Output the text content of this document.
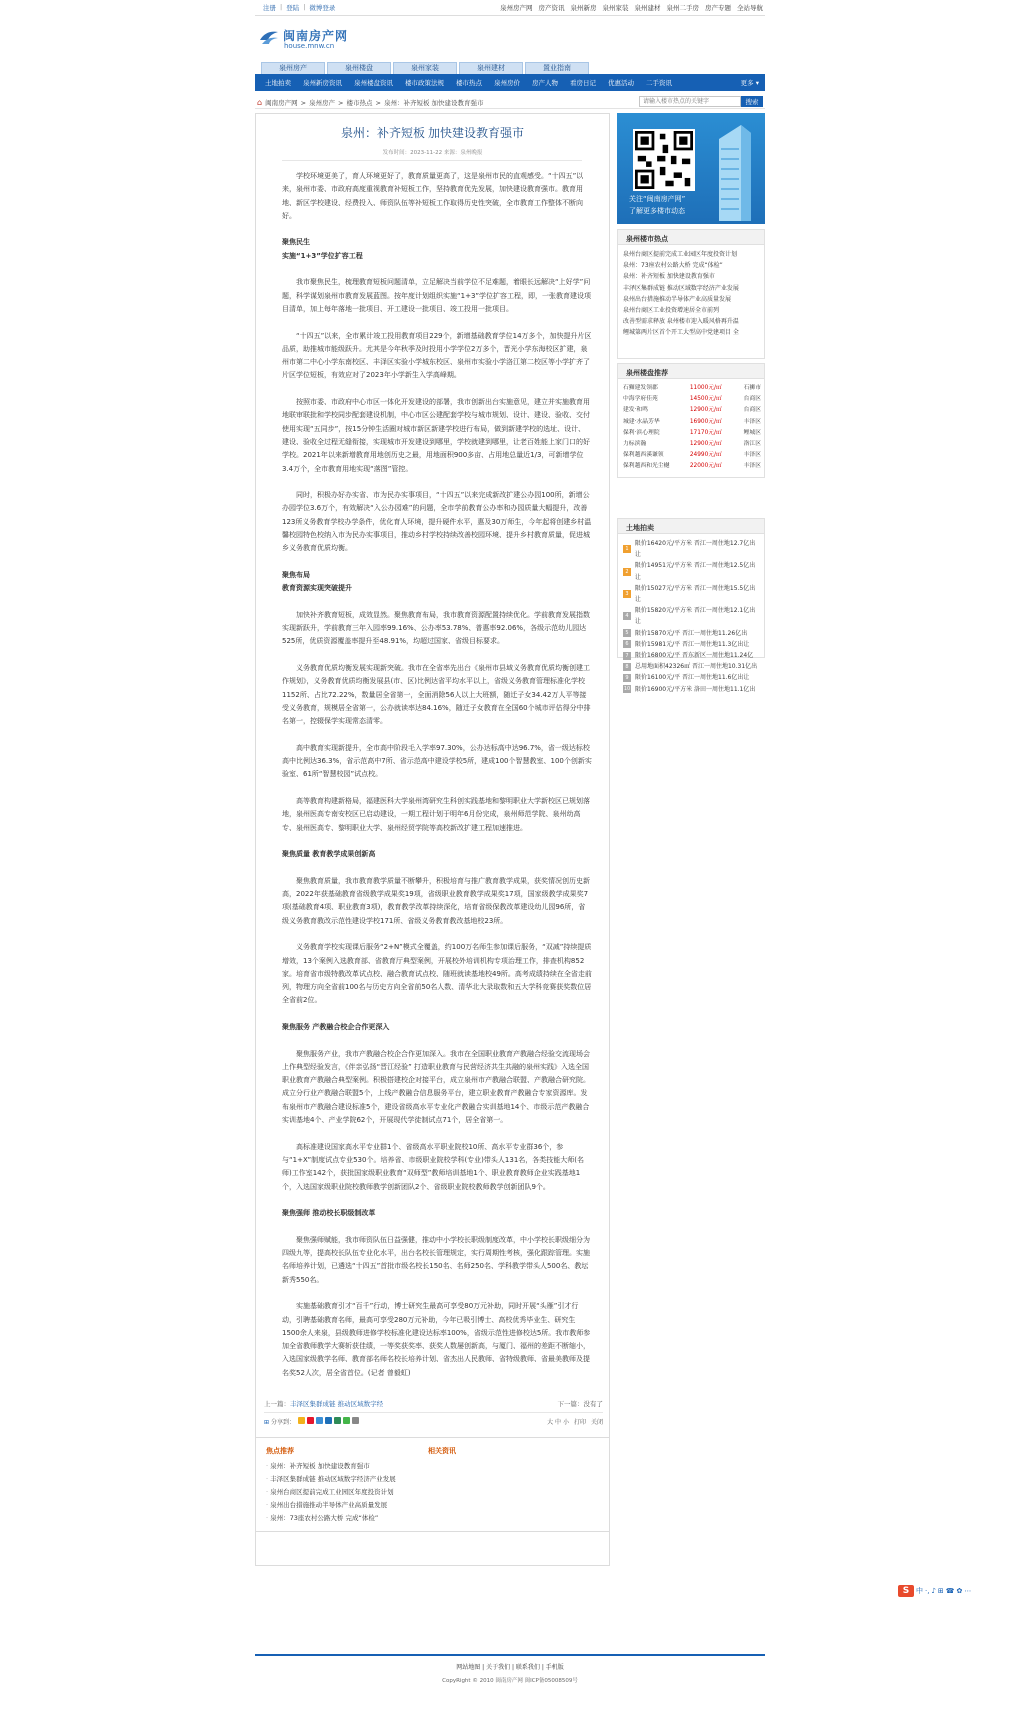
注册 | 登陆 | 微博登录	泉州房产网 房产资讯 泉州新房 泉州家装 泉州建材 泉州二手房 房产专题 全站导航
闽南房产网
house.mnw.cn
泉州房产	泉州楼盘	泉州家装	泉州建材	置业指南
土地拍卖	泉州新房资讯	泉州楼盘资讯	楼市政策法规	楼市热点	泉州房价	房产人物	看房日记	优惠活动	二手资讯	更多 ▾
⌂ 闽南房产网 > 泉州房产 > 楼市热点 > 泉州：补齐短板 加快建设教育强市
请输入楼市热点的关键字	搜索
泉州：补齐短板 加快建设教育强市
发布时间：2023-11-22 来源：泉州晚报

学校环境更美了，育人环境更好了，教育质量更高了，这是泉州市民的直观感受。“十四五”以来，泉州市委、市政府高度重视教育补短板工作，坚持教育优先发展，加快建设教育强市。教育用地、新区学校建设、经费投入、师资队伍等补短板工作取得历史性突破，全市教育工作整体不断向好。

聚焦民生

实施“1+3”学位扩容工程

我市聚焦民生，梳理教育短板问题清单，立足解决当前学位不足难题，着眼长远解决“上好学”问题，科学谋划泉州市教育发展蓝图。按年度计划组织实施“1+3”学位扩容工程，即，一张教育建设项目清单，加上每年落地一批项目、开工建设一批项目、竣工投用一批项目。

“十四五”以来，全市累计竣工投用教育项目229个，新增基础教育学位14万多个，加快提升片区品质，助推城市能级跃升。尤其是今年秋季及时投用小学学位2万多个，晋光小学东海校区扩建，泉州市第二中心小学东南校区、丰泽区实验小学城东校区、泉州市实验小学洛江第二校区等小学扩齐了片区学位短板，有效应对了2023年小学新生入学高峰期。

按照市委、市政府中心市区一体化开发建设的部署，我市创新出台实施意见，建立并实施教育用地联审联批和学校同步配套建设机制，中心市区公建配套学校与城市规划、设计、建设、验收、交付使用实现“五同步”，按15分钟生活圈对城市新区新建学校进行布局，做到新建学校的选址、设计、建设、验收全过程无缝衔接，实现城市开发建设到哪里，学校就建到哪里，让老百姓能上家门口的好学校。2021年以来新增教育用地创历史之最，用地面积900多亩、占用地总量近1/3，可新增学位3.4万个，全市教育用地实现“落图”管控。

同时，积极办好办实省、市为民办实事项目，“十四五”以来完成新改扩建公办园100所，新增公办园学位3.6万个，有效解决“入公办园难”的问题，全市学前教育公办率和办园质量大幅提升，改善123所义务教育学校办学条件，优化育人环境，提升硬件水平，惠及30万师生，今年起将创建乡村温馨校园特色校纳入市为民办实事项目，推动乡村学校持续改善校园环境、提升乡村教育质量，促进城乡义务教育优质均衡。

聚焦布局

教育资源实现突破提升

加快补齐教育短板，成效显然。聚焦教育布局，我市教育资源配置持续优化。学前教育发展指数实现新跃升，学前教育三年入园率99.16%、公办率53.78%、普惠率92.06%，各级示范幼儿园达525所，优质资源覆盖率提升至48.91%，均超过国家、省级目标要求。

义务教育优质均衡发展实现新突破。我市在全省率先出台《泉州市县域义务教育优质均衡创建工作规划》，义务教育优质均衡发展县(市、区)比例达省平均水平以上，省级义务教育管理标准化学校1152所、占比72.22%，数量居全省第一，全面消除56人以上大班额，随迁子女34.42万人平等接受义务教育，规模居全省第一，公办就读率达84.16%，随迁子女教育在全国60个城市评估得分中排名第一，控辍保学实现常态清零。

高中教育实现新提升，全市高中阶段毛入学率97.30%，公办达标高中达96.7%，省一级达标校高中比例达36.3%，省示范高中7所、省示范高中建设学校5所，建成100个智慧教室、100个创新实验室、61所“智慧校园”试点校。

高等教育构建新格局，福建医科大学泉州湾研究生科创实践基地和黎明职业大学新校区已规划落地，泉州医高专南安校区已启动建设，一期工程计划于明年6月份完成，泉州师范学院、泉州幼高专、泉州医高专、黎明职业大学、泉州经贸学院等高校新改扩建工程加速推进。

聚焦质量 教育教学成果创新高

聚焦教育质量，我市教育教学质量不断攀升，积极培育与推广教育教学成果，获奖情况创历史新高，2022年获基础教育省级教学成果奖19项，省级职业教育教学成果奖17项，国家级教学成果奖7项(基础教育4项、职业教育3项)，教育教学改革持续深化，培育省级保教改革建设幼儿园96所，省级义务教育教改示范性建设学校171所、省级义务教育教改基地校23所。

义务教育学校实现课后服务“2+N”模式全覆盖，约100万名师生参加课后服务，“双减”持续提质增效，13个案例入选教育部、省教育厅典型案例，开展校外培训机构专项治理工作，排查机构852家。培育省市级特教改革试点校、融合教育试点校、随班就读基地校49所。高考成绩持续在全省走前列，物理方向全省前100名与历史方向全省前50名人数、清华北大录取数和五大学科竞赛获奖数位居全省前2位。

聚焦服务 产教融合校企合作更深入

聚焦服务产业，我市产教融合校企合作更加深入。我市在全国职业教育产教融合经验交流现场会上作典型经验发言，《伴亲弘扬“晋江经验” 打造职业教育与民营经济共生共融的泉州实践》入选全国职业教育产教融合典型案例。积极搭建校企对接平台，成立泉州市产教融合联盟、产教融合研究院。成立分行业产教融合联盟5个，上线产教融合信息服务平台，建立职业教育产教融合专家资源库。发布泉州市产教融合建设标准5个，建设省级高水平专业化产教融合实训基地14个、市级示范产教融合实训基地4个、产业学院62个，开展现代学徒制试点71个，居全省第一。

高标准建设国家高水平专业群1个、省级高水平职业院校10所、高水平专业群36个，参与“1+X”制度试点专业530个。培养省、市级职业院校学科(专业)带头人131名，各类技能大师(名师)工作室142个，获批国家级职业教育“双师型”教师培训基地1个、职业教育教师企业实践基地1个，入选国家级职业院校教师教学创新团队2个、省级职业院校教师教学创新团队9个。

聚焦强师 推动校长职级制改革

聚焦强师赋能，我市师资队伍日益强健，推动中小学校长职级制度改革，中小学校长职级细分为四级九等，提高校长队伍专业化水平，出台名校长管理规定，实行周期性考核，强化跟踪管理。实施名师培养计划，已遴选“十四五”首批市级名校长150名、名师250名、学科教学带头人500名、教坛新秀550名。

实施基础教育引才“百千”行动，博士研究生最高可享受80万元补助，同时开展“头雁”引才行动，引聘基础教育名师，最高可享受280万元补助，今年已吸引博士、高校优秀毕业生、研究生1500余人来泉，县级教师进修学校标准化建设达标率100%，省级示范性进修校达5所。我市教师参加全省教师教学大赛斩获佳绩，一等奖获奖率、获奖人数屡创新高，与厦门、福州的差距不断缩小，入选国家级教学名师、教育部名师名校长培养计划、省杰出人民教师、省特级教师、省最美教师及提名奖52人次，居全省首位。(记者 曾毅虹)

上一篇：丰泽区集群成链 推动区域数字经	下一篇：没有了
⊞ 分享到：	大 中 小 打印 关闭
焦点推荐	相关资讯
· 泉州：补齐短板 加快建设教育强市
· 丰泽区集群成链 推动区域数字经济产业发展
· 泉州台商区提前完成工业园区年度投资计划
· 泉州出台措施推动半导体产业高质量发展
· 泉州：73座农村公路大桥 完成“体检”
网站地图 | 关于我们 | 联系我们 | 手机版
CopyRight © 2010 闽南房产网 闽ICP备05008509号
关注“闽南房产网”
了解更多楼市动态
泉州楼市热点
泉州台商区提前完成工业园区年度投资计划
泉州：73座农村公路大桥 完成“体检”
泉州：补齐短板 加快建设教育强市
丰泽区集群成链 推动区域数字经济产业发展
泉州出台措施推动半导体产业高质量发展
泉州台商区工业投资增速居全市前列
改善型需求释放 泉州楼市迎入暖风格再升温
鲤城第两片区首个开工大型高中党建项目 全
泉州楼盘推荐
石狮建发领郡	11000元/㎡	石狮市
中海学府佳苑	14500元/㎡	台商区
建发·和鸣	12900元/㎡	台商区
城建·水晶芳华	16900元/㎡	丰泽区
保利·滨心理院	17170元/㎡	鲤城区
力标滨瀚	12900元/㎡	洛江区
保利越西溪谦领	24990元/㎡	丰泽区
保利越西和光尘樾	22000元/㎡	丰泽区
土地拍卖
1
限价16420元/平方米 晋江一周住地12.7亿出让
2
限价14951元/平方米 晋江一周住地12.5亿出让
3
限价15027元/平方米 晋江一周住地15.5亿出让
4
限价15820元/平方米 晋江一周住地12.1亿出让
5	限价15870元/平 晋江一周住地11.26亿出
6	限价15981元/平 晋江一周住地11.3亿出让
7	限价16800元/平 晋东新区一周住地11.24亿
8	总用地面积42326㎡ 晋江一周住地10.31亿出
9	限价16100元/平 晋江一周住地11.6亿出让
10 限价16900元/平方米 洛田一周住地11.1亿出
S 中 ·, ♪ ⊞ ☎ ✿ ⋯
